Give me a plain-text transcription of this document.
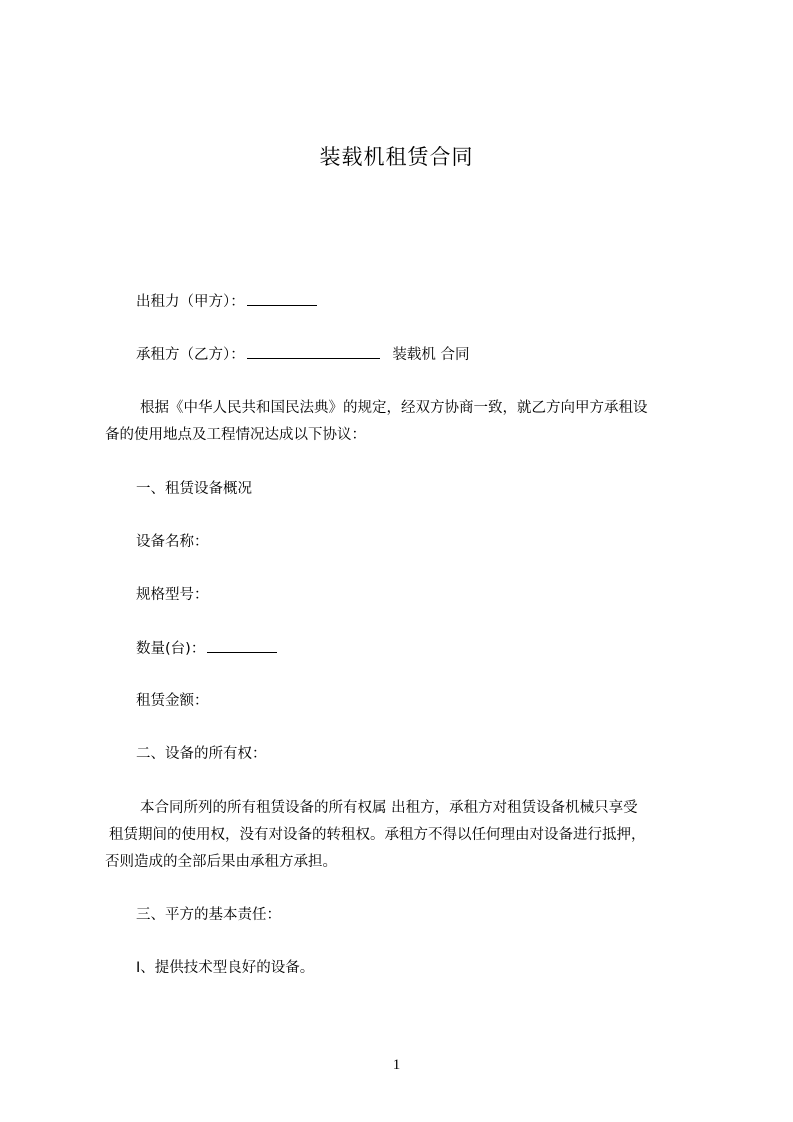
装载机租赁合同
出租力（甲方）：
承租方（乙方）：	装载机 合同
根据《中华人民共和国民法典》的规定，经双方协商一致，就乙方向甲方承租设
备的使用地点及工程情况达成以下协议：
一、租赁设备概况
设备名称：
规格型号：
数量(台)：
租赁金额：
二、设备的所有权：
本合同所列的所有租赁设备的所有权属 出租方，承租方对租赁设备机械只享受
租赁期间的使用权，没有对设备的转租权。承租方不得以任何理由对设备进行抵押，
否则造成的全部后果由承租方承担。
三、平方的基本责任：
I、提供技术型良好的设备。
1
